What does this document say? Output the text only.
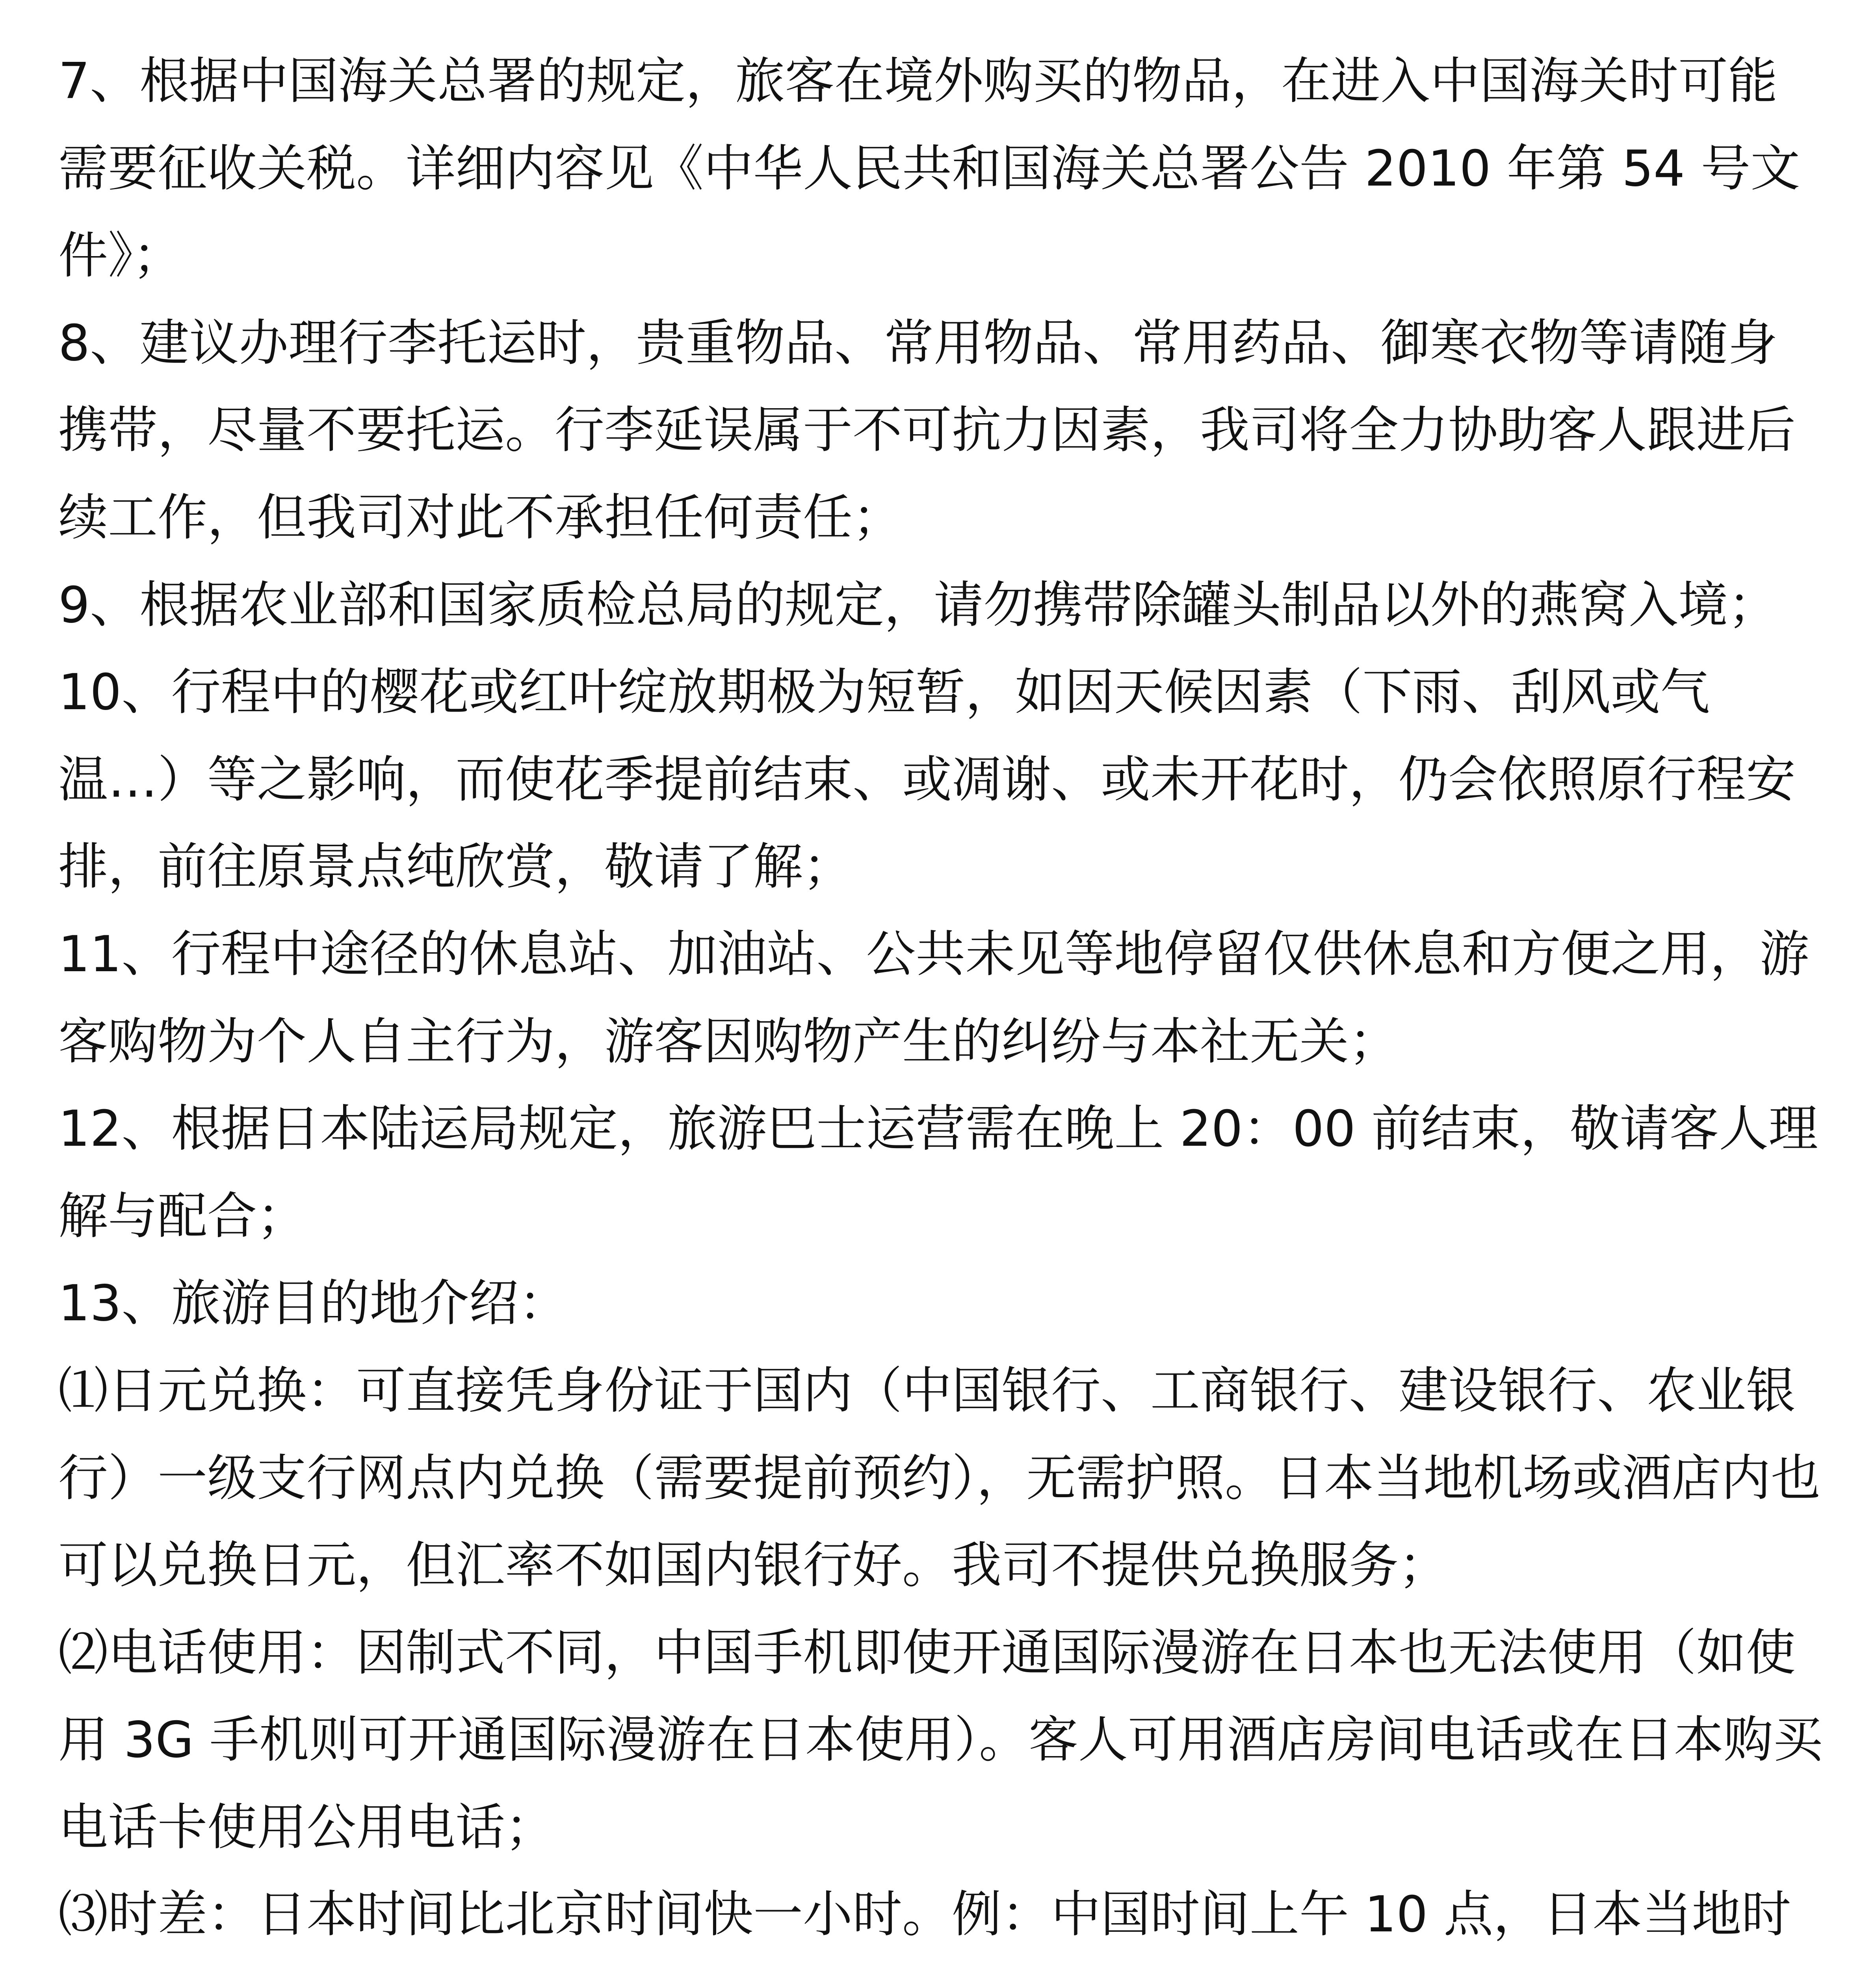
7、根据中国海关总署的规定，旅客在境外购买的物品，在进入中国海关时可能需要征收关税。详细内容见《中华人民共和国海关总署公告 2010 年第 54 号文件》；

8、建议办理行李托运时，贵重物品、常用物品、常用药品、御寒衣物等请随身携带，尽量不要托运。行李延误属于不可抗力因素，我司将全力协助客人跟进后续工作，但我司对此不承担任何责任；

9、根据农业部和国家质检总局的规定，请勿携带除罐头制品以外的燕窝入境；

10、行程中的樱花或红叶绽放期极为短暂，如因天候因素（下雨、刮风或气温…）等之影响，而使花季提前结束、或凋谢、或未开花时，仍会依照原行程安排，前往原景点纯欣赏，敬请了解；

11、行程中途径的休息站、加油站、公共未见等地停留仅供休息和方便之用，游客购物为个人自主行为，游客因购物产生的纠纷与本社无关；

12、根据日本陆运局规定，旅游巴士运营需在晚上 20：00 前结束，敬请客人理解与配合；

13、旅游目的地介绍：

⑴日元兑换：可直接凭身份证于国内（中国银行、工商银行、建设银行、农业银行）一级支行网点内兑换（需要提前预约），无需护照。日本当地机场或酒店内也可以兑换日元，但汇率不如国内银行好。我司不提供兑换服务；

⑵电话使用：因制式不同，中国手机即使开通国际漫游在日本也无法使用（如使用 3G 手机则可开通国际漫游在日本使用）。客人可用酒店房间电话或在日本购买电话卡使用公用电话；

⑶时差：日本时间比北京时间快一小时。例：中国时间上午 10 点，日本当地时
